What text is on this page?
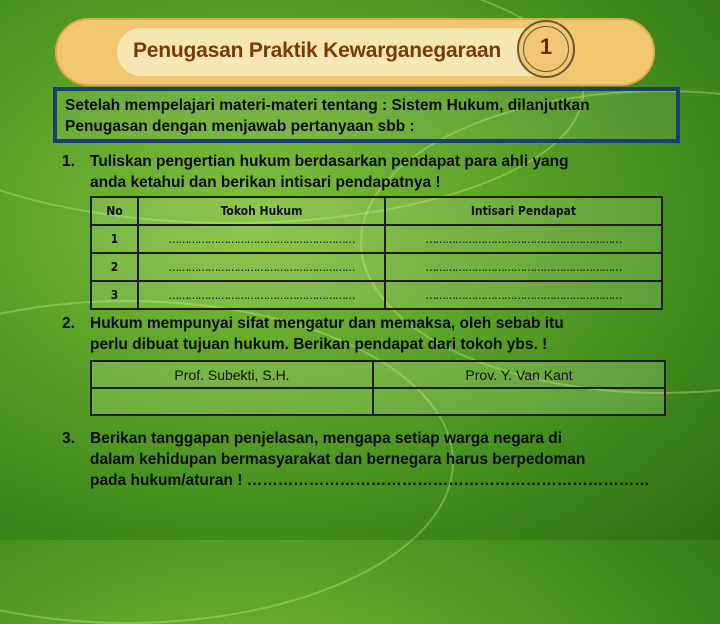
Penugasan Praktik Kewarganegaraan 1
Setelah mempelajari materi-materi tentang : Sistem Hukum, dilanjutkan
Penugasan dengan menjawab pertanyaan sbb :
1. Tuliskan pengertian hukum berdasarkan pendapat para ahli yang
anda ketahui dan berikan intisari pendapatnya !
No	Tokoh Hukum	Intisari Pendapat
1	…………………………………………………	……………………………………………………
2	…………………………………………………	……………………………………………………
3	…………………………………………………	……………………………………………………
2. Hukum mempunyai sifat mengatur dan memaksa, oleh sebab itu
perlu dibuat tujuan hukum. Berikan pendapat dari tokoh ybs. !
Prof. Subekti, S.H.	Prov. Y. Van Kant

3. Berikan tanggapan penjelasan, mengapa setiap warga negara di
dalam kehidupan bermasyarakat dan bernegara harus berpedoman
pada hukum/aturan ! ……………………………………………………………………
